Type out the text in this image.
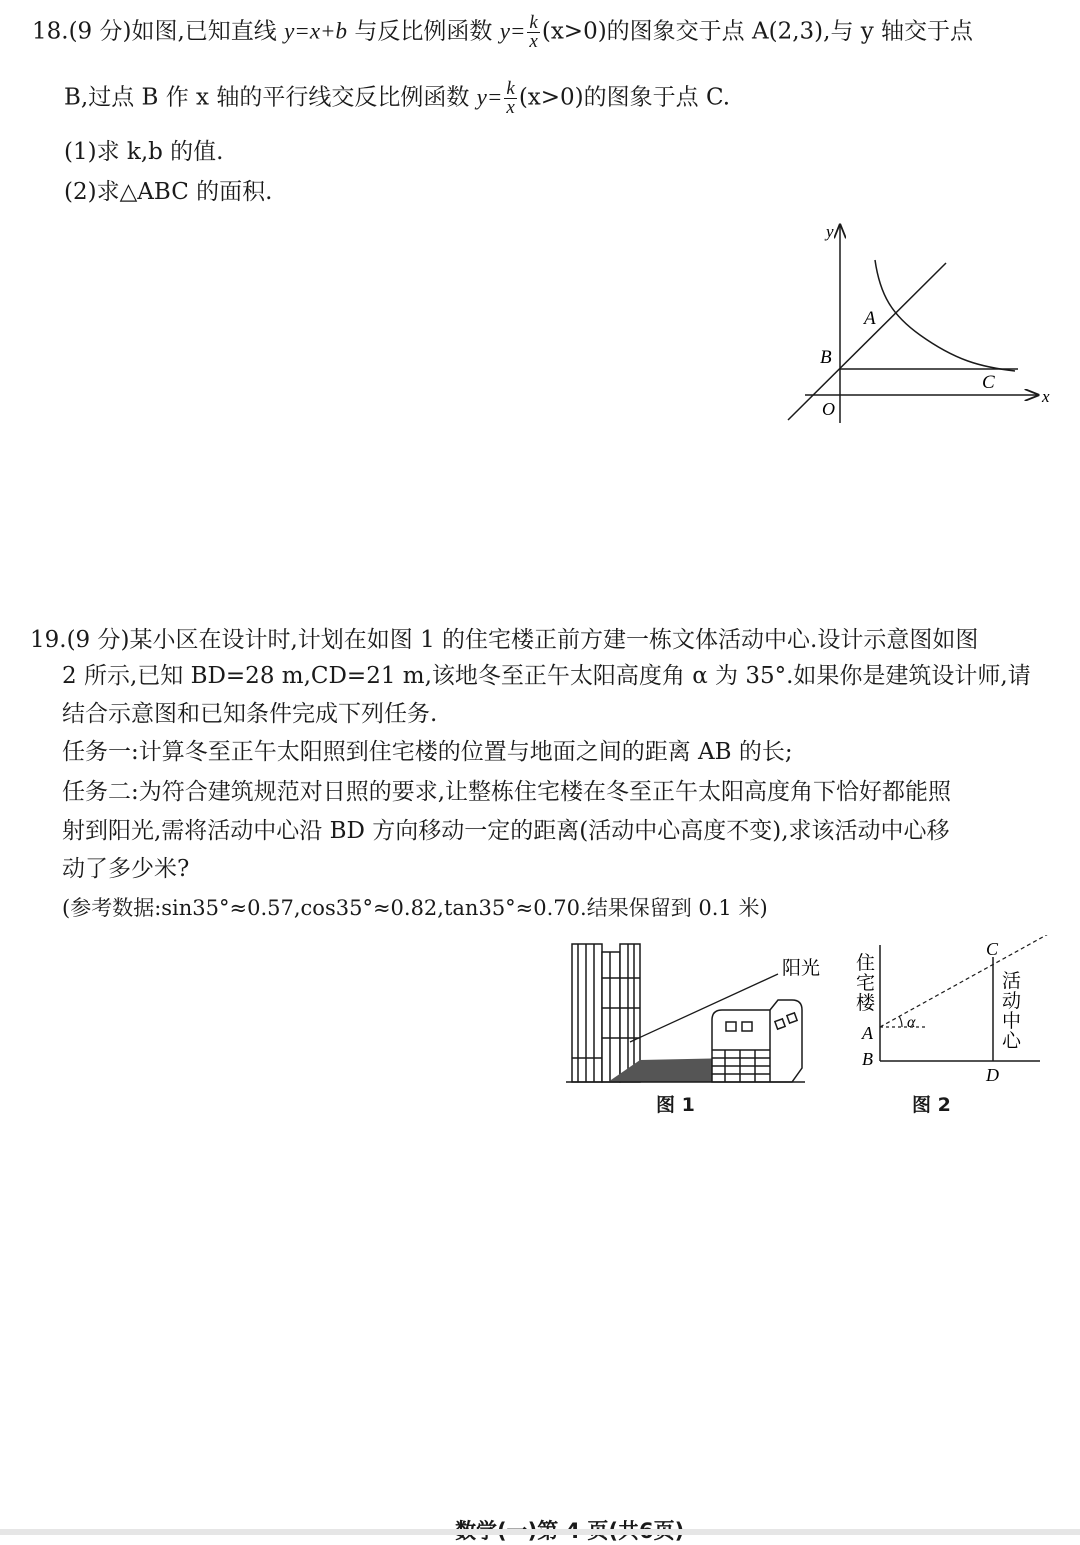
18.(9 分)如图,已知直线 y=x+b 与反比例函数 $y= \frac{k}{x} (x>0)$的图象交于点 A(2,3),与 y 轴交于点
B,过点 B 作 x 轴的平行线交反比例函数 $y= \frac{k}{x} (x>0)$的图象于点 C.
(1)求 k,b 的值.
(2)求△ABC 的面积.
y
x
A
B
C
O
19.(9 分)某小区在设计时,计划在如图 1 的住宅楼正前方建一栋文体活动中心.设计示意图如图
2 所示,已知 BD=28 m,CD=21 m,该地冬至正午太阳高度角 α 为 35°.如果你是建筑设计师,请
结合示意图和已知条件完成下列任务.
任务一:计算冬至正午太阳照到住宅楼的位置与地面之间的距离 AB 的长;
任务二:为符合建筑规范对日照的要求,让整栋住宅楼在冬至正午太阳高度角下恰好都能照
射到阳光,需将活动中心沿 BD 方向移动一定的距离(活动中心高度不变),求该活动中心移
动了多少米?
(参考数据:sin35°≈0.57,cos35°≈0.82,tan35°≈0.70.结果保留到 0.1 米)
阳光
图 1
α
A
B
C
D
住
宅
楼
活
动
中
心
图 2
